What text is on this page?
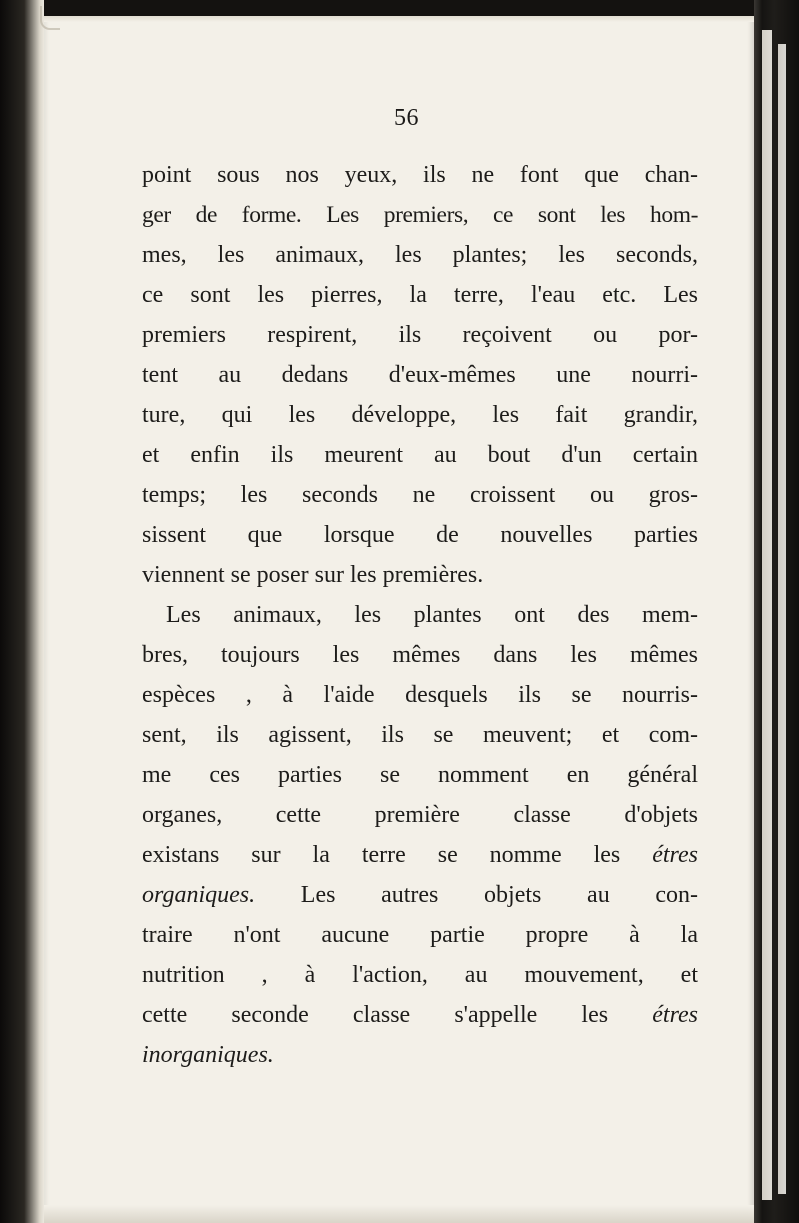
56
point sous nos yeux, ils ne font que chan-
ger de forme. Les premiers, ce sont les hom-
mes, les animaux, les plantes; les seconds,
ce sont les pierres, la terre, l'eau etc. Les
premiers respirent, ils reçoivent ou por-
tent au dedans d'eux-mêmes une nourri-
ture, qui les développe, les fait grandir,
et enfin ils meurent au bout d'un certain
temps; les seconds ne croissent ou gros-
sissent que lorsque de nouvelles parties
viennent se poser sur les premières.
Les animaux, les plantes ont des mem-
bres, toujours les mêmes dans les mêmes
espèces , à l'aide desquels ils se nourris-
sent, ils agissent, ils se meuvent; et com-
me ces parties se nomment en général
organes, cette première classe d'objets
existans sur la terre se nomme les étres
organiques. Les autres objets au con-
traire n'ont aucune partie propre à la
nutrition , à l'action, au mouvement, et
cette seconde classe s'appelle les étres
inorganiques.
